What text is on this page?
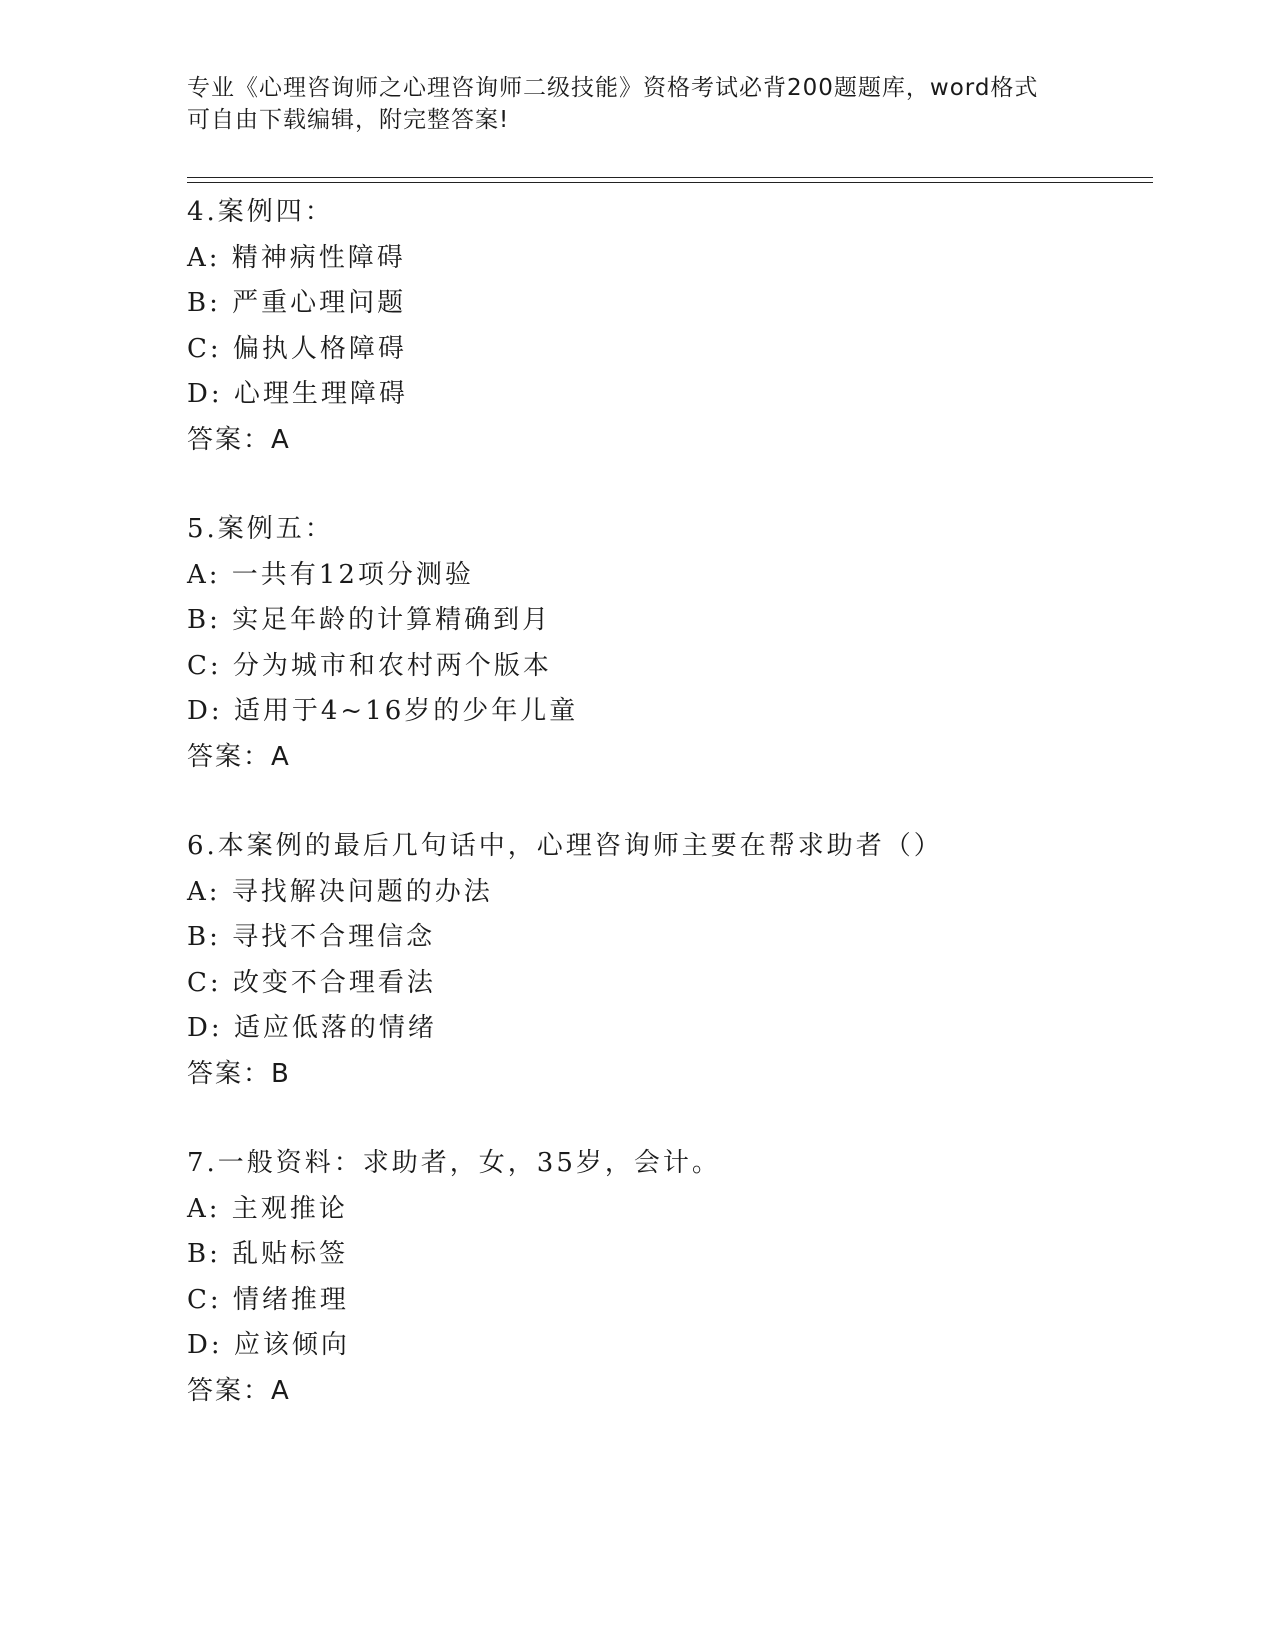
专业《心理咨询师之心理咨询师二级技能》资格考试必背200题题库，word格式
可自由下载编辑，附完整答案!
4.案例四：
A: 精神病性障碍
B: 严重心理问题
C: 偏执人格障碍
D: 心理生理障碍
答案：A
5.案例五：
A: 一共有12项分测验
B: 实足年龄的计算精确到月
C: 分为城市和农村两个版本
D: 适用于4~16岁的少年儿童
答案：A
6.本案例的最后几句话中，心理咨询师主要在帮求助者（）
A: 寻找解决问题的办法
B: 寻找不合理信念
C: 改变不合理看法
D: 适应低落的情绪
答案：B
7.一般资料：求助者，女，35岁，会计。
A: 主观推论
B: 乱贴标签
C: 情绪推理
D: 应该倾向
答案：A
